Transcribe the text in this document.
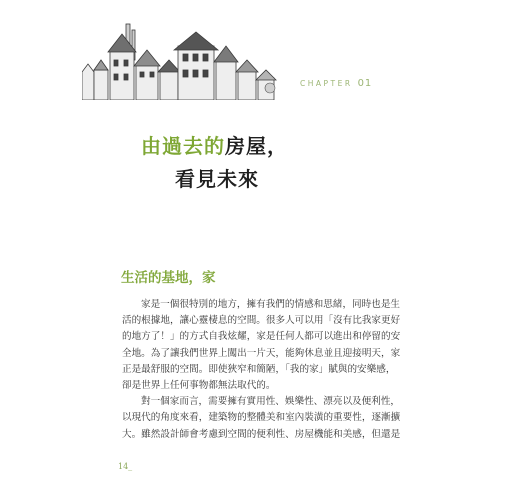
CHAPTER 01
由過去的房屋，
看見未來
生活的基地，家
家是一個很特別的地方，擁有我們的情感和思緒，同時也是生
活的根據地，讓心靈棲息的空間。很多人可以用「沒有比我家更好
的地方了！」的方式自我炫耀，家是任何人都可以進出和停留的安
全地。為了讓我們世界上闖出一片天，能夠休息並且迎接明天，家
正是最舒服的空間。即使狹窄和簡陋，「我的家」賦與的安樂感，
卻是世界上任何事物都無法取代的。
對一個家而言，需要擁有實用性、娛樂性、漂亮以及便利性，
以現代的角度來看，建築物的整體美和室內裝潢的重要性，逐漸擴
大。雖然設計師會考慮到空間的便利性、房屋機能和美感，但還是
14_
